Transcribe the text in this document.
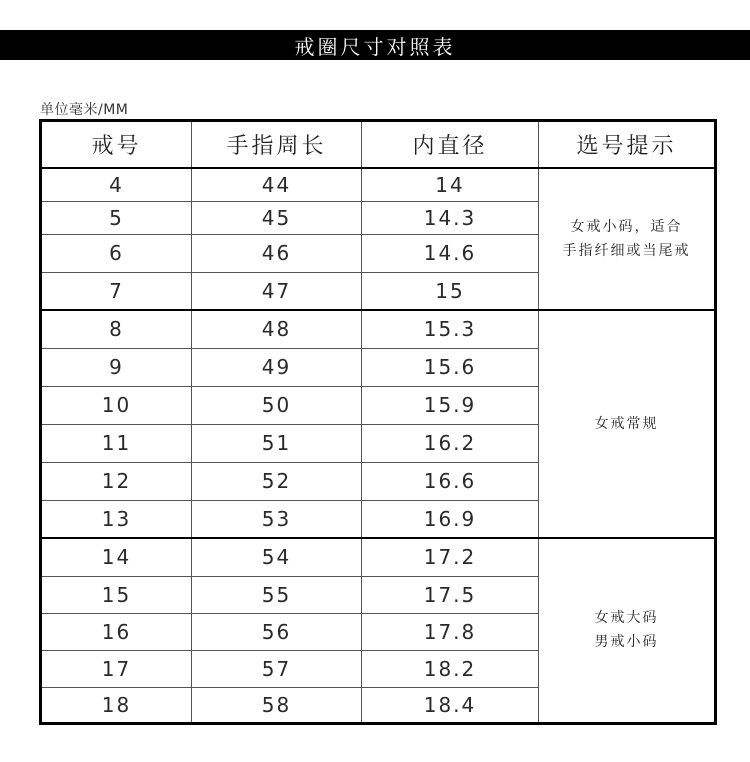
戒圈尺寸对照表
单位毫米/MM
戒号	手指周长	内直径	选号提示
4	44	14	女戒小码，适合
手指纤细或当尾戒

5	45	14.3	
6	46	14.6	
7	47	15	
8	48	15.3	女戒常规

9	49	15.6	
10	50	15.9	
11	51	16.2	
12	52	16.6	
13	53	16.9	
14	54	17.2	女戒大码
男戒小码

15	55	17.5	
16	56	17.8	
17	57	18.2	
18	58	18.4	
